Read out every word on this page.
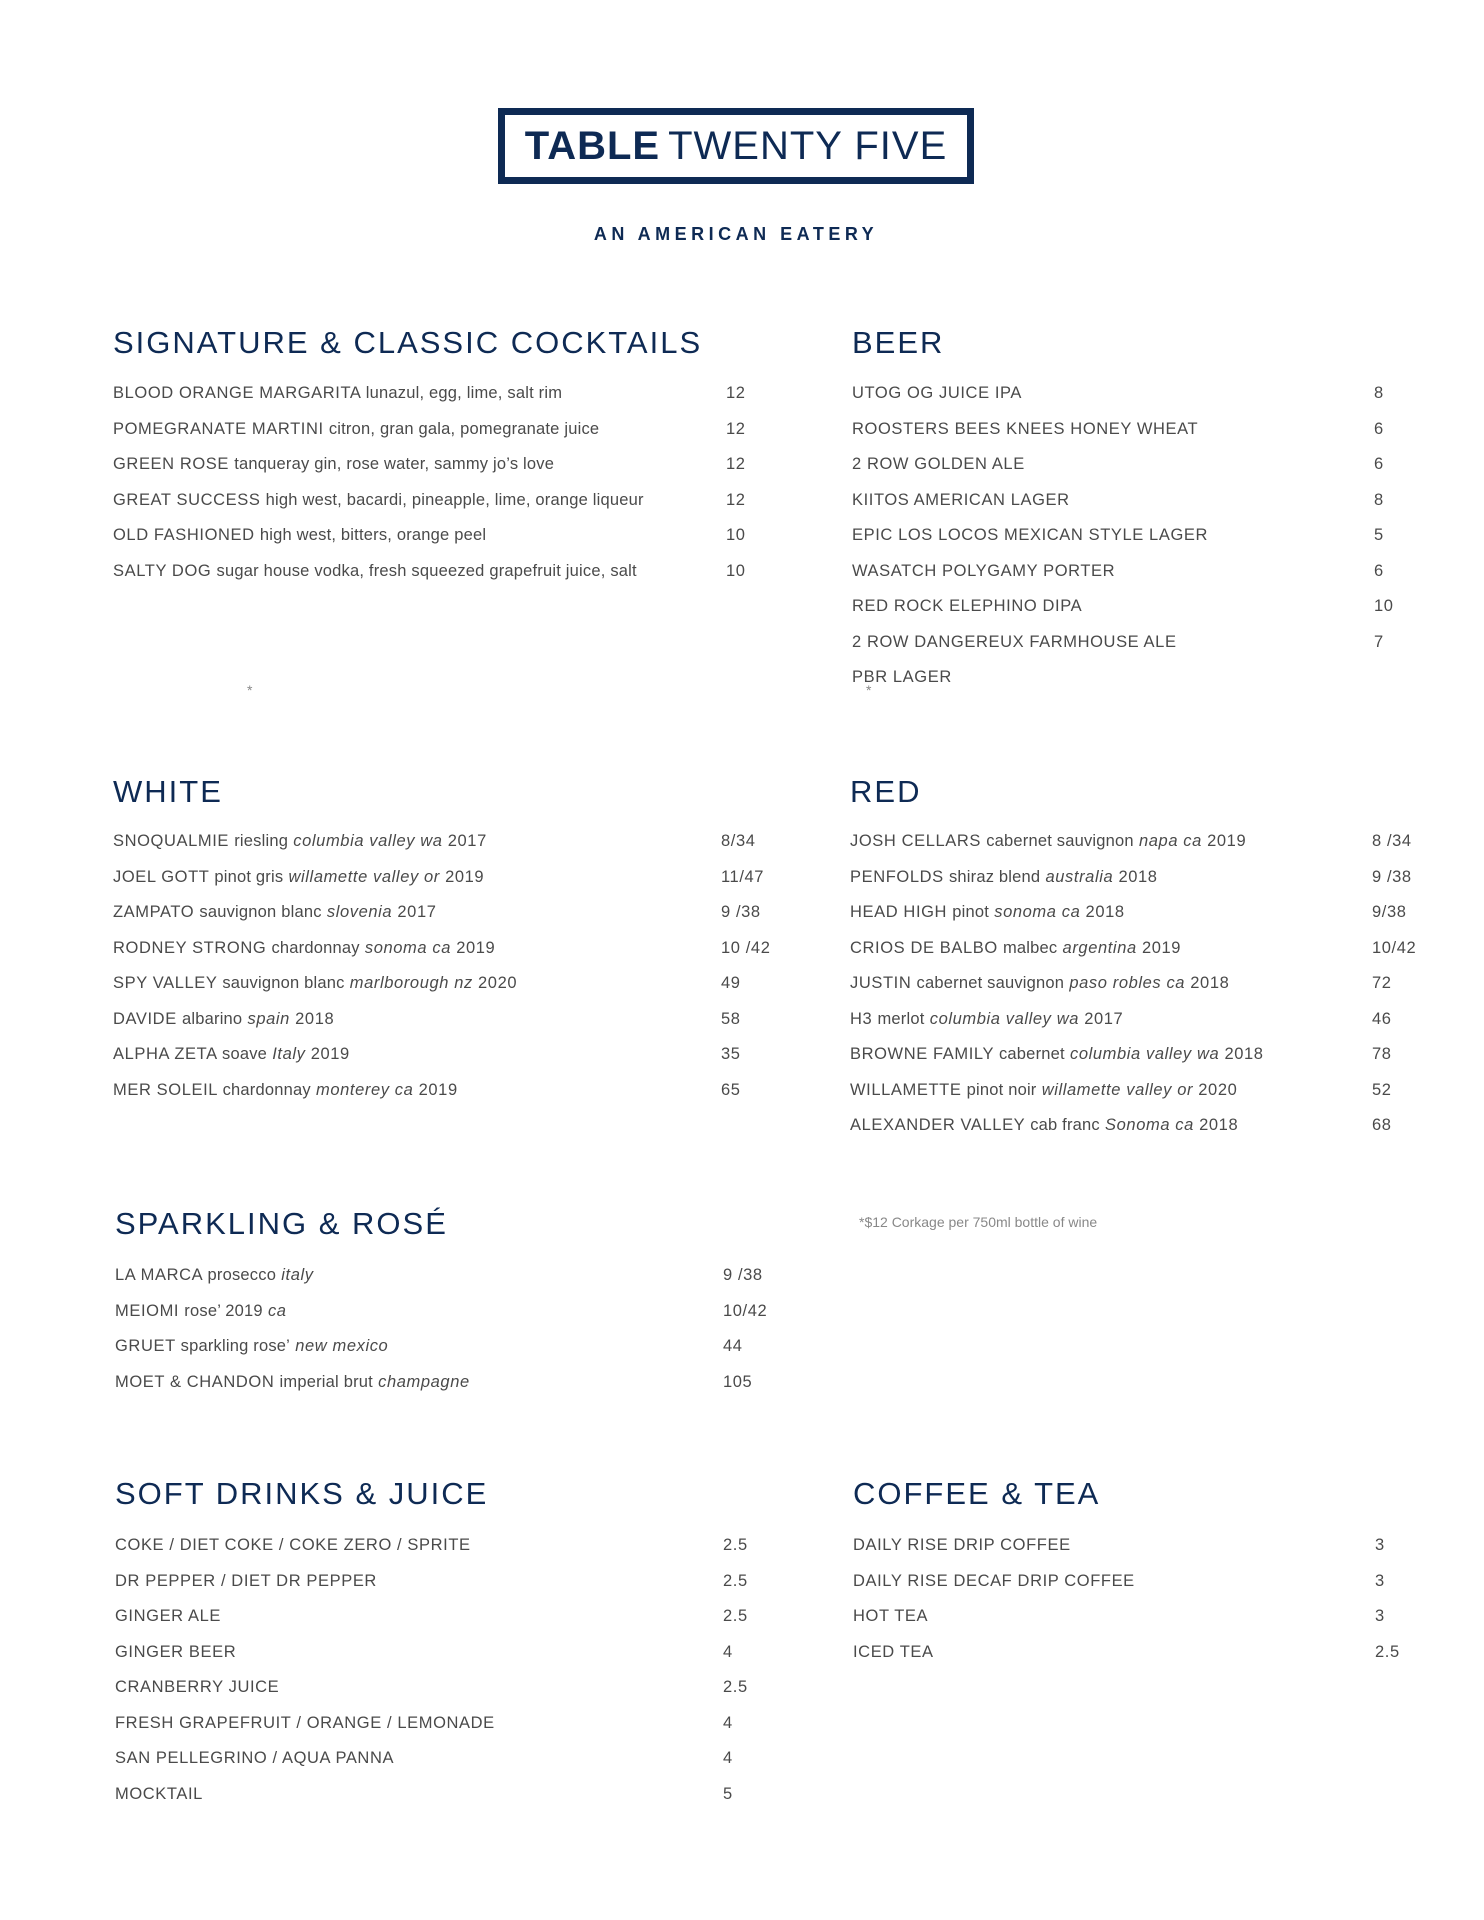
TABLE TWENTY FIVE
AN AMERICAN EATERY
SIGNATURE & CLASSIC COCKTAILS
BLOOD ORANGE MARGARITA lunazul, egg, lime, salt rim	12
POMEGRANATE MARTINI citron, gran gala, pomegranate juice	12
GREEN ROSE tanqueray gin, rose water, sammy jo’s love	12
GREAT SUCCESS high west, bacardi, pineapple, lime, orange liqueur	12
OLD FASHIONED high west, bitters, orange peel	10
SALTY DOG sugar house vodka, fresh squeezed grapefruit juice, salt	10
*
BEER
UTOG OG JUICE IPA	8
ROOSTERS BEES KNEES HONEY WHEAT	6
2 ROW GOLDEN ALE	6
KIITOS AMERICAN LAGER	8
EPIC LOS LOCOS MEXICAN STYLE LAGER	5
WASATCH POLYGAMY PORTER	6
RED ROCK ELEPHINO DIPA	10
2 ROW DANGEREUX FARMHOUSE ALE	7
PBR LAGER
*
WHITE
SNOQUALMIE riesling columbia valley wa 2017	8/34
JOEL GOTT pinot gris willamette valley or 2019	11/47
ZAMPATO sauvignon blanc slovenia 2017	9 /38
RODNEY STRONG chardonnay sonoma ca 2019	10 /42
SPY VALLEY sauvignon blanc marlborough nz 2020	49
DAVIDE albarino spain 2018	58
ALPHA ZETA soave Italy 2019	35
MER SOLEIL chardonnay monterey ca 2019	65
RED
JOSH CELLARS cabernet sauvignon napa ca 2019	8 /34
PENFOLDS shiraz blend australia 2018	9 /38
HEAD HIGH pinot sonoma ca 2018	9/38
CRIOS DE BALBO malbec argentina 2019	10/42
JUSTIN cabernet sauvignon paso robles ca 2018	72
H3 merlot columbia valley wa 2017	46
BROWNE FAMILY cabernet columbia valley wa 2018	78
WILLAMETTE pinot noir willamette valley or 2020	52
ALEXANDER VALLEY cab franc Sonoma ca 2018	68
*$12 Corkage per 750ml bottle of wine
SPARKLING & ROSÉ
LA MARCA prosecco italy	9 /38
MEIOMI rose’ 2019 ca	10/42
GRUET sparkling rose’ new mexico	44
MOET & CHANDON imperial brut champagne	105
SOFT DRINKS & JUICE
COKE / DIET COKE / COKE ZERO / SPRITE	2.5
DR PEPPER / DIET DR PEPPER	2.5
GINGER ALE	2.5
GINGER BEER	4
CRANBERRY JUICE	2.5
FRESH GRAPEFRUIT / ORANGE / LEMONADE	4
SAN PELLEGRINO / AQUA PANNA	4
MOCKTAIL	5
COFFEE & TEA
DAILY RISE DRIP COFFEE	3
DAILY RISE DECAF DRIP COFFEE	3
HOT TEA	3
ICED TEA	2.5
